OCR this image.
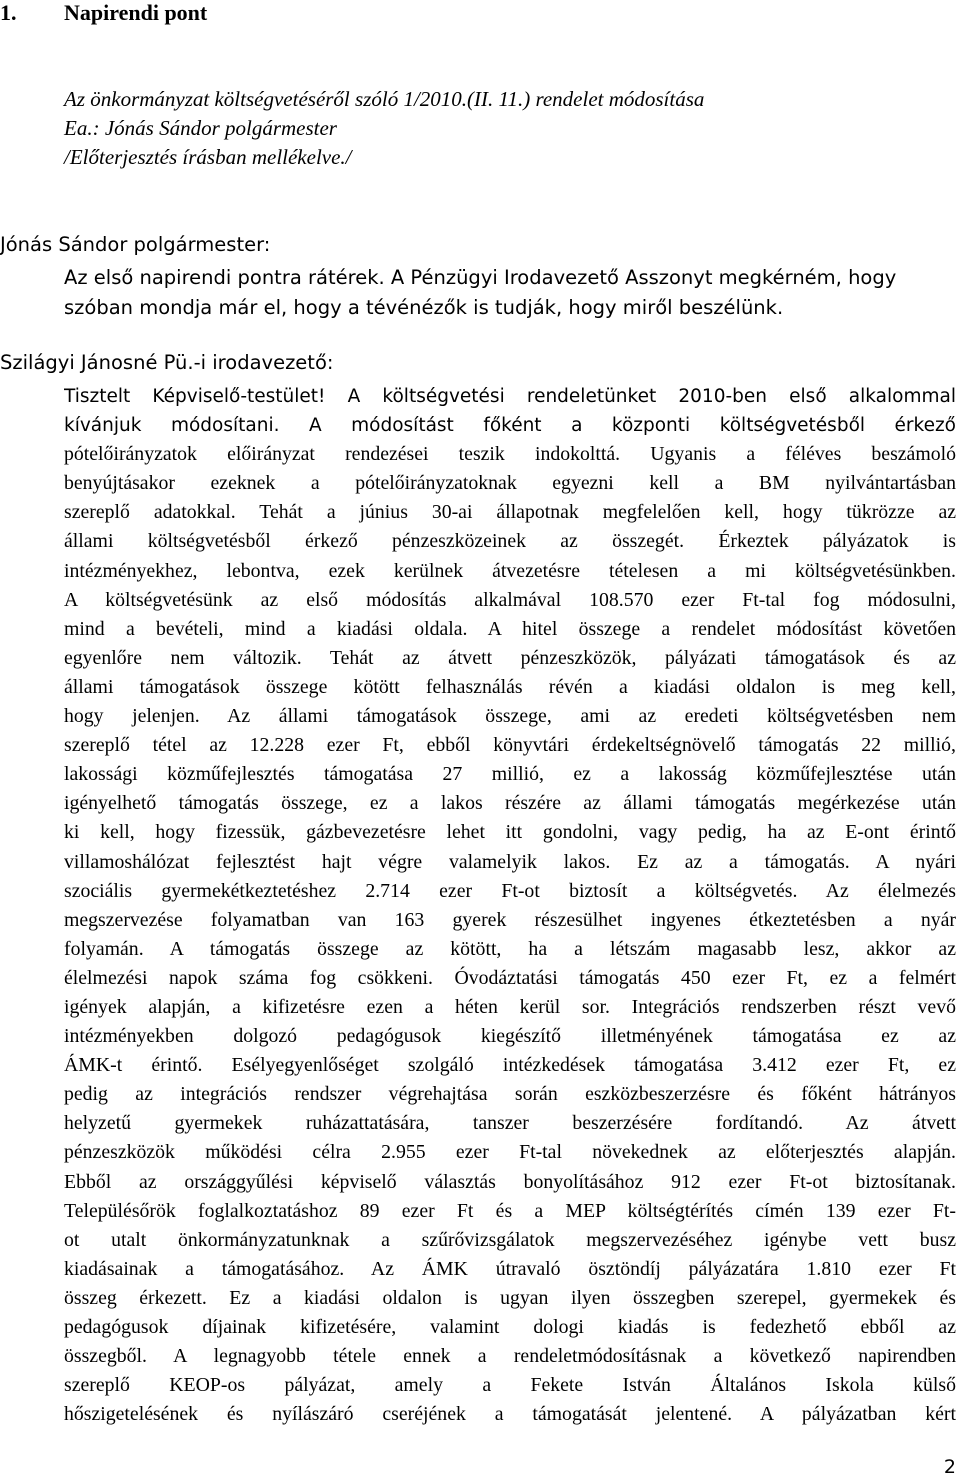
1. Napirendi pont
Az önkormányzat költségvetéséről szóló 1/2010.(II. 11.) rendelet módosítása
Ea.: Jónás Sándor polgármester
/Előterjesztés írásban mellékelve./
Jónás Sándor polgármester:
Az első napirendi pontra rátérek. A Pénzügyi Irodavezető Asszonyt megkérném, hogy
szóban mondja már el, hogy a tévénézők is tudják, hogy miről beszélünk.
Szilágyi Jánosné Pü.-i irodavezető:
Tisztelt Képviselő-testület! A költségvetési rendeletünket 2010-ben első alkalommal
kívánjuk módosítani. A módosítást főként a központi költségvetésből érkező
pótelőirányzatok előirányzat rendezései teszik indokolttá. Ugyanis a féléves beszámoló
benyújtásakor ezeknek a pótelőirányzatoknak egyezni kell a BM nyilvántartásban
szereplő adatokkal. Tehát a június 30-ai állapotnak megfelelően kell, hogy tükrözze az
állami költségvetésből érkező pénzeszközeinek az összegét. Érkeztek pályázatok is
intézményekhez, lebontva, ezek kerülnek átvezetésre tételesen a mi költségvetésünkben.
A költségvetésünk az első módosítás alkalmával 108.570 ezer Ft-tal fog módosulni,
mind a bevételi, mind a kiadási oldala. A hitel összege a rendelet módosítást követően
egyenlőre nem változik. Tehát az átvett pénzeszközök, pályázati támogatások és az
állami támogatások összege kötött felhasználás révén a kiadási oldalon is meg kell,
hogy jelenjen. Az állami támogatások összege, ami az eredeti költségvetésben nem
szereplő tétel az 12.228 ezer Ft, ebből könyvtári érdekeltségnövelő támogatás 22 millió,
lakossági közműfejlesztés támogatása 27 millió, ez a lakosság közműfejlesztése után
igényelhető támogatás összege, ez a lakos részére az állami támogatás megérkezése után
ki kell, hogy fizessük, gázbevezetésre lehet itt gondolni, vagy pedig, ha az E-ont érintő
villamoshálózat fejlesztést hajt végre valamelyik lakos. Ez az a támogatás. A nyári
szociális gyermekétkeztetéshez 2.714 ezer Ft-ot biztosít a költségvetés. Az élelmezés
megszervezése folyamatban van 163 gyerek részesülhet ingyenes étkeztetésben a nyár
folyamán. A támogatás összege az kötött, ha a létszám magasabb lesz, akkor az
élelmezési napok száma fog csökkeni. Óvodáztatási támogatás 450 ezer Ft, ez a felmért
igények alapján, a kifizetésre ezen a héten kerül sor. Integrációs rendszerben részt vevő
intézményekben dolgozó pedagógusok kiegészítő illetményének támogatása ez az
ÁMK-t érintő. Esélyegyenlőséget szolgáló intézkedések támogatása 3.412 ezer Ft, ez
pedig az integrációs rendszer végrehajtása során eszközbeszerzésre és főként hátrányos
helyzetű gyermekek ruházattatására, tanszer beszerzésére fordítandó. Az átvett
pénzeszközök működési célra 2.955 ezer Ft-tal növekednek az előterjesztés alapján.
Ebből az országgyűlési képviselő választás bonyolításához 912 ezer Ft-ot biztosítanak.
Településőrök foglalkoztatáshoz 89 ezer Ft és a MEP költségtérítés címén 139 ezer Ft-
ot utalt önkormányzatunknak a szűrővizsgálatok megszervezéséhez igénybe vett busz
kiadásainak a támogatásához. Az ÁMK útravaló ösztöndíj pályázatára 1.810 ezer Ft
összeg érkezett. Ez a kiadási oldalon is ugyan ilyen összegben szerepel, gyermekek és
pedagógusok díjainak kifizetésére, valamint dologi kiadás is fedezhető ebből az
összegből. A legnagyobb tétele ennek a rendeletmódosításnak a következő napirendben
szereplő KEOP-os pályázat, amely a Fekete István Általános Iskola külső
hőszigetelésének és nyílászáró cseréjének a támogatását jelentené. A pályázatban kért
2
